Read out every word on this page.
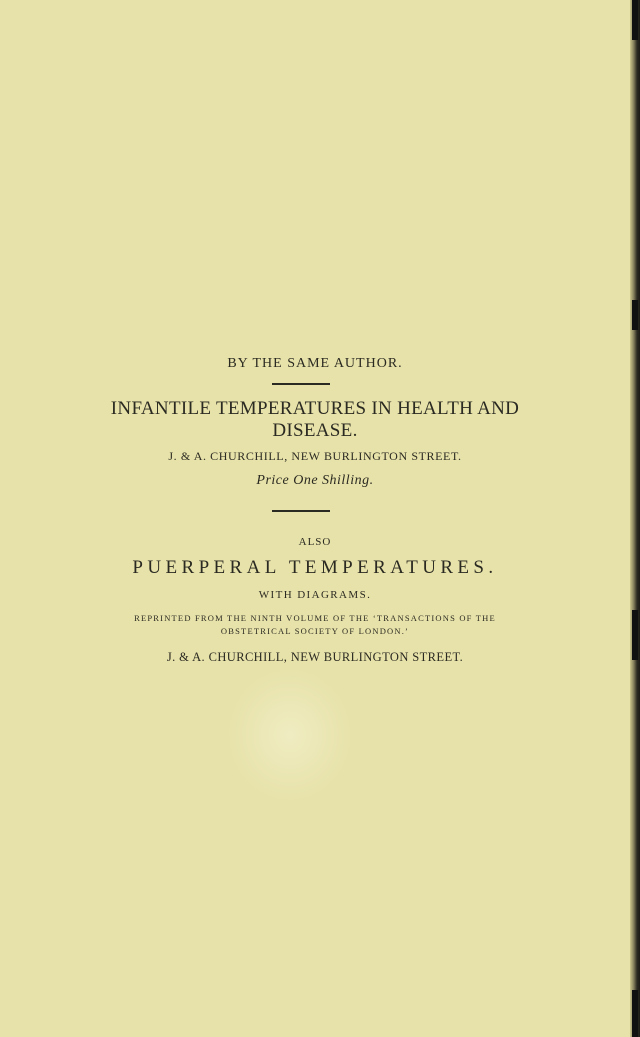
BY THE SAME AUTHOR.
INFANTILE TEMPERATURES IN HEALTH AND
DISEASE.
J. & A. CHURCHILL, NEW BURLINGTON STREET.
Price One Shilling.
ALSO
PUERPERAL TEMPERATURES.
WITH DIAGRAMS.
REPRINTED FROM THE NINTH VOLUME OF THE ‘TRANSACTIONS OF THE
OBSTETRICAL SOCIETY OF LONDON.’
J. & A. CHURCHILL, NEW BURLINGTON STREET.
